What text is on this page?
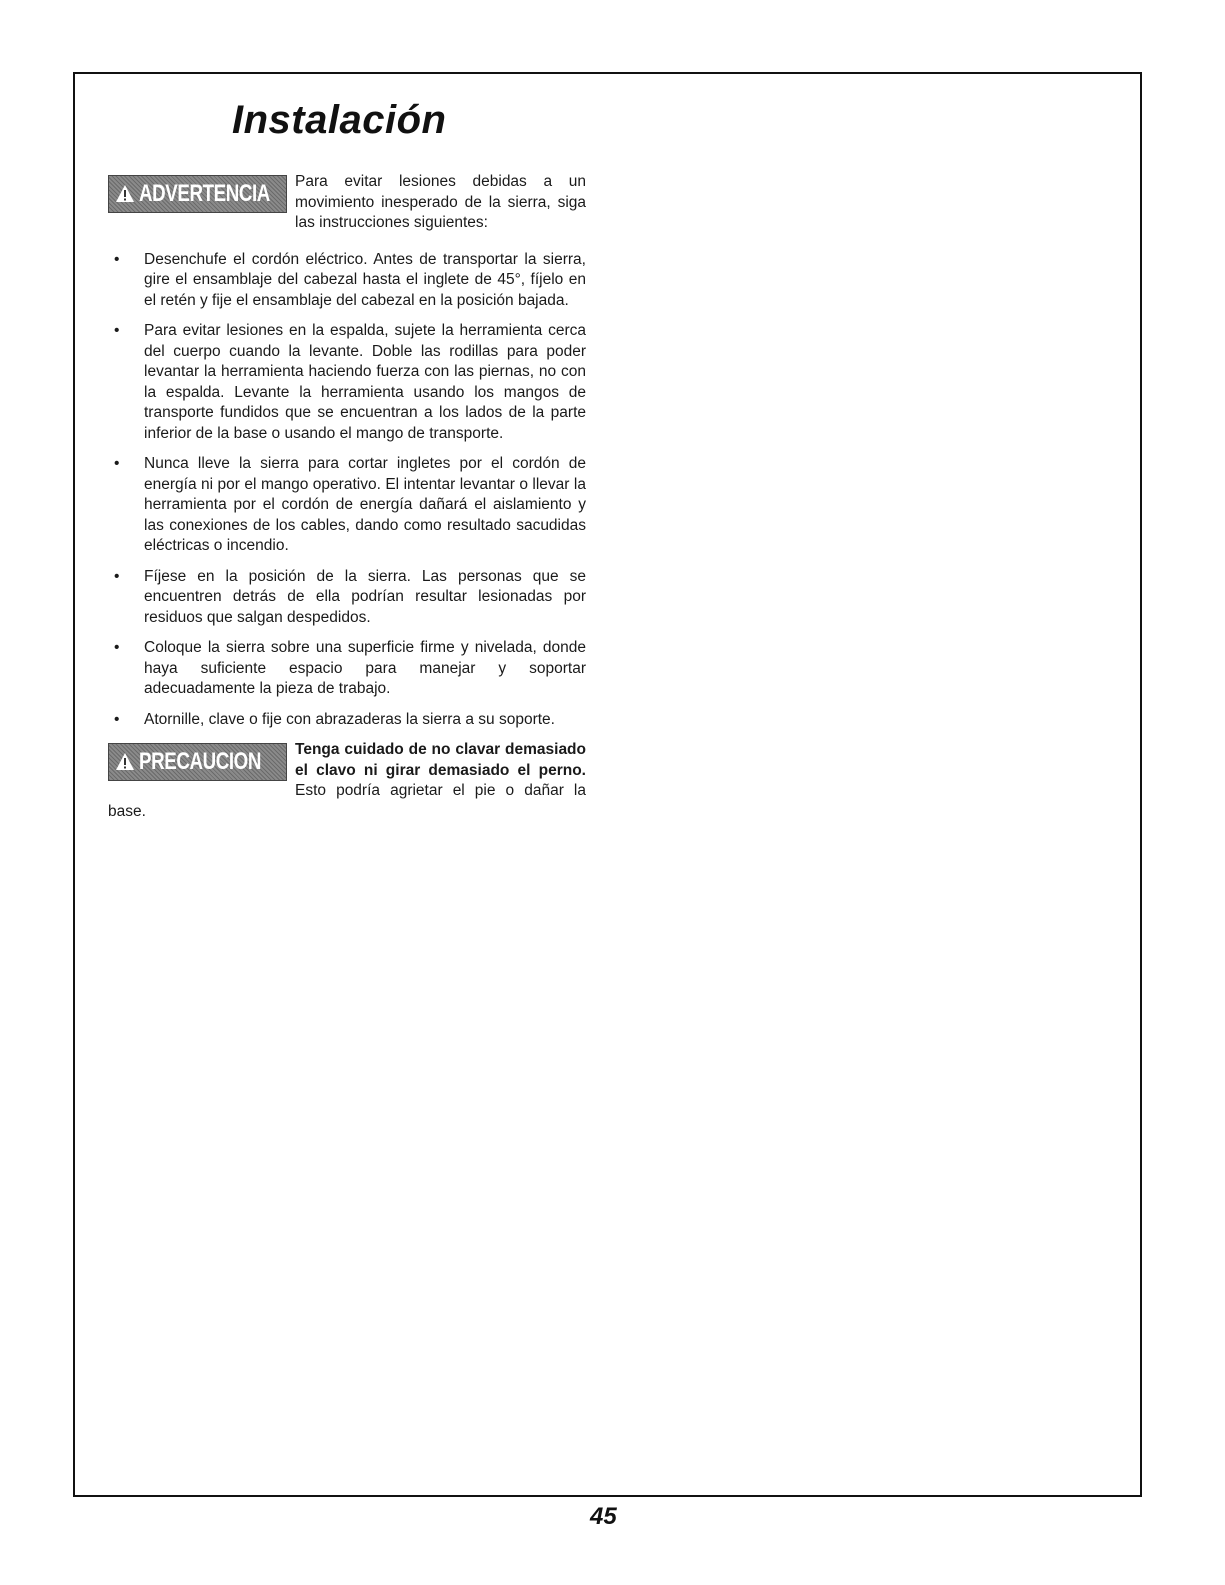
Instalación

ADVERTENCIA Para evitar lesiones debidas a un movimiento inesperado de la sierra, siga las instrucciones siguientes:

• Desenchufe el cordón eléctrico. Antes de transportar la sierra, gire el ensamblaje del cabezal hasta el inglete de 45°, fíjelo en el retén y fije el ensamblaje del cabezal en la posición bajada.
• Para evitar lesiones en la espalda, sujete la herramienta cerca del cuerpo cuando la levante. Doble las rodillas para poder levantar la herramienta haciendo fuerza con las piernas, no con la espalda. Levante la herramienta usando los mangos de transporte fundidos que se encuentran a los lados de la parte inferior de la base o usando el mango de transporte.
• Nunca lleve la sierra para cortar ingletes por el cordón de energía ni por el mango operativo. El intentar levantar o llevar la herramienta por el cordón de energía dañará el aislamiento y las conexiones de los cables, dando como resultado sacudidas eléctricas o incendio.
• Fíjese en la posición de la sierra. Las personas que se encuentren detrás de ella podrían resultar lesionadas por residuos que salgan despedidos.
• Coloque la sierra sobre una superficie firme y nivelada, donde haya suficiente espacio para manejar y soportar adecuadamente la pieza de trabajo.
• Atornille, clave o fije con abrazaderas la sierra a su soporte.

PRECAUCION Tenga cuidado de no clavar demasiado el clavo ni girar demasiado el perno. Esto podría agrietar el pie o dañar la base.

45
